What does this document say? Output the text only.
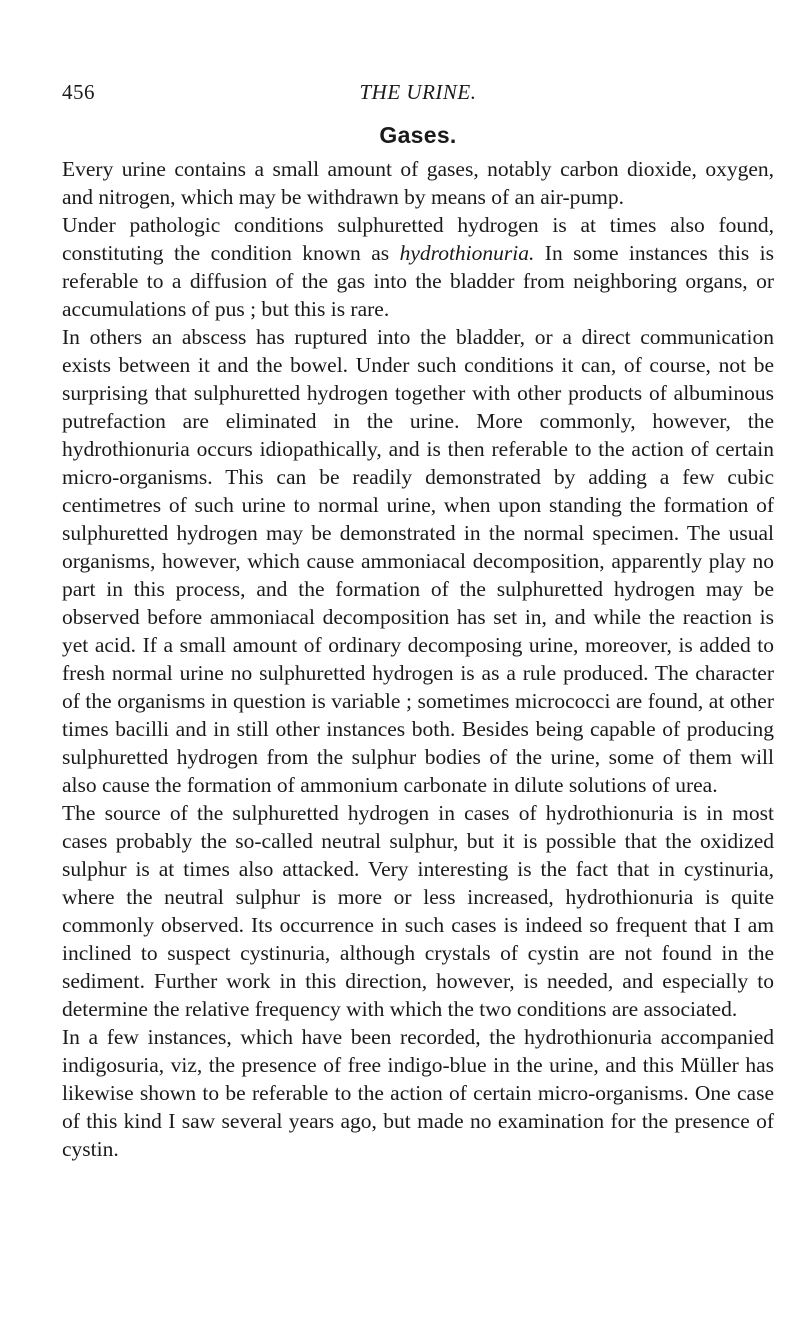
456	THE URINE.
Gases.

Every urine contains a small amount of gases, notably carbon dioxide, oxygen, and nitrogen, which may be withdrawn by means of an air-pump.

Under pathologic conditions sulphuretted hydrogen is at times also found, constituting the condition known as hydrothionuria. In some instances this is referable to a diffusion of the gas into the bladder from neighboring organs, or accumulations of pus ; but this is rare.

In others an abscess has ruptured into the bladder, or a direct communication exists between it and the bowel. Under such conditions it can, of course, not be surprising that sulphuretted hydrogen together with other products of albuminous putrefaction are eliminated in the urine. More commonly, however, the hydrothionuria occurs idiopathically, and is then referable to the action of certain micro-organisms. This can be readily demonstrated by adding a few cubic centimetres of such urine to normal urine, when upon standing the formation of sulphuretted hydrogen may be demonstrated in the normal specimen. The usual organisms, however, which cause ammoniacal decomposition, apparently play no part in this process, and the formation of the sulphuretted hydrogen may be observed before ammoniacal decomposition has set in, and while the reaction is yet acid. If a small amount of ordinary decomposing urine, moreover, is added to fresh normal urine no sulphuretted hydrogen is as a rule produced. The character of the organisms in question is variable ; sometimes micrococci are found, at other times bacilli and in still other instances both. Besides being capable of producing sulphuretted hydrogen from the sulphur bodies of the urine, some of them will also cause the formation of ammonium carbonate in dilute solutions of urea.

The source of the sulphuretted hydrogen in cases of hydrothionuria is in most cases probably the so-called neutral sulphur, but it is possible that the oxidized sulphur is at times also attacked. Very interesting is the fact that in cystinuria, where the neutral sulphur is more or less increased, hydrothionuria is quite commonly observed. Its occurrence in such cases is indeed so frequent that I am inclined to suspect cystinuria, although crystals of cystin are not found in the sediment. Further work in this direction, however, is needed, and especially to determine the relative frequency with which the two conditions are associated.

In a few instances, which have been recorded, the hydrothionuria accompanied indigosuria, viz, the presence of free indigo-blue in the urine, and this Müller has likewise shown to be referable to the action of certain micro-organisms. One case of this kind I saw several years ago, but made no examination for the presence of cystin.
